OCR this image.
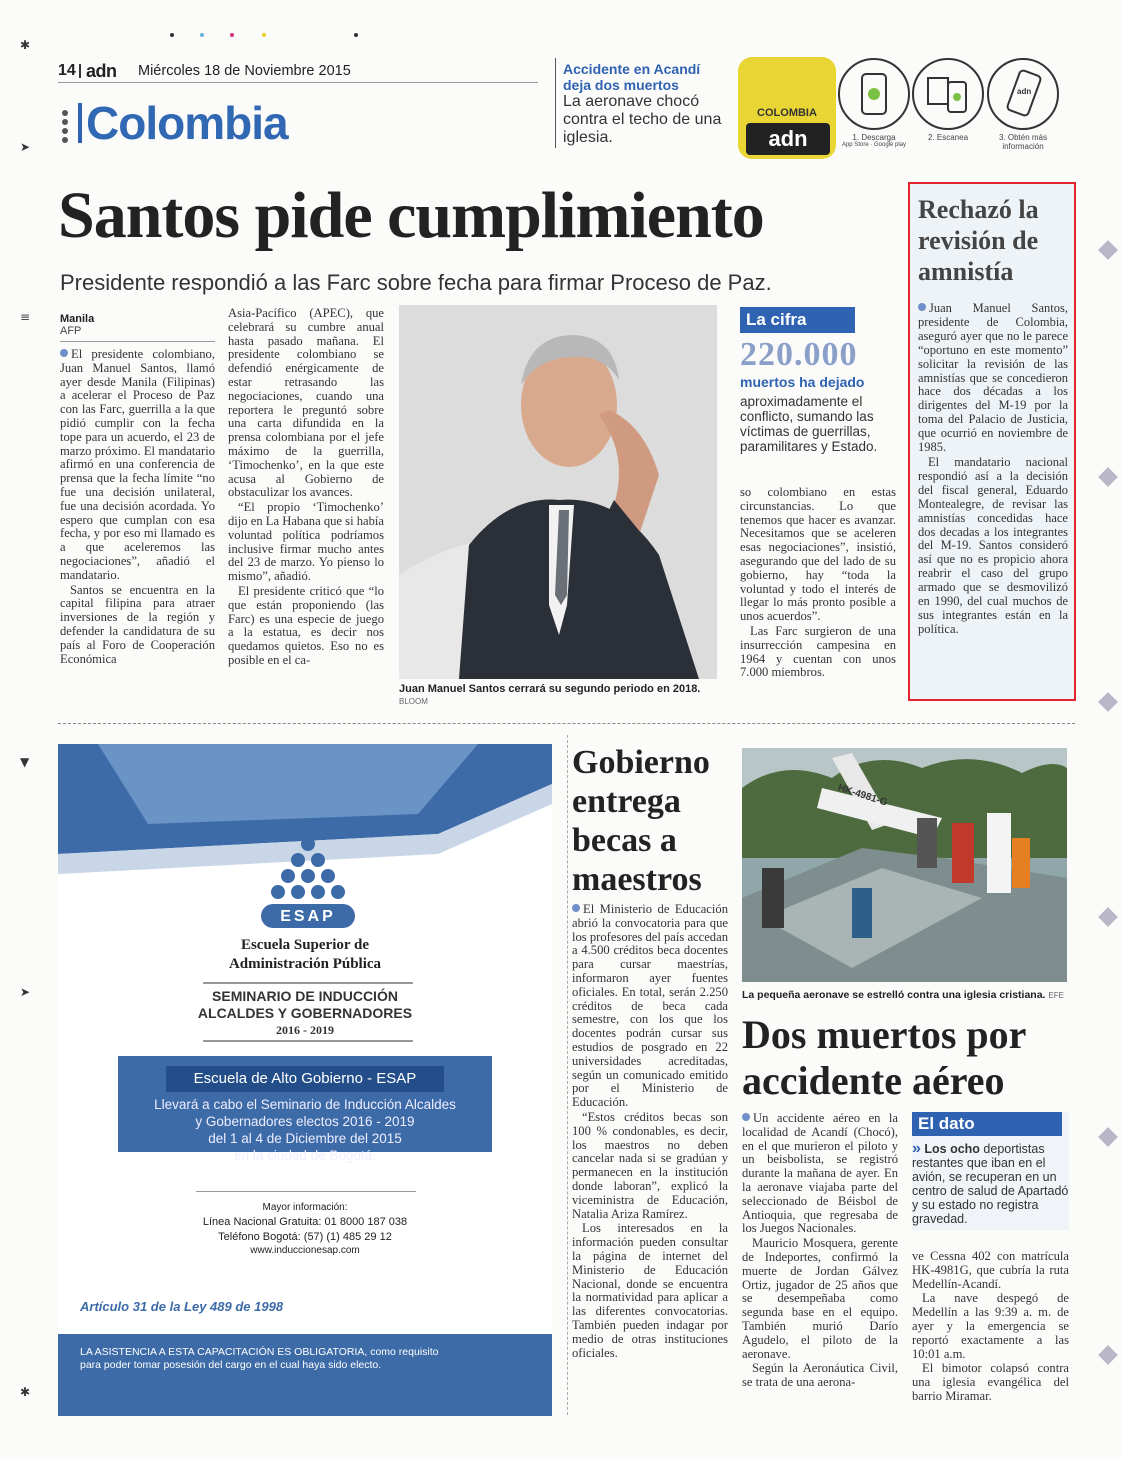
✱
➤
≡
▼
➤
✱
14 adn Miércoles 18 de Noviembre 2015
Colombia
Accidente en Acandí deja dos muertos
La aeronave chocó contra el techo de una iglesia.
COLOMBIA
adn
adn
1. Descarga
App Store · Google play
2. Escanea	3. Obtén más información
Santos pide cumplimiento
Presidente respondió a las Farc sobre fecha para firmar Proceso de Paz.
Manila
AFP

El presidente colombiano, Juan Manuel Santos, llamó ayer desde Manila (Filipinas) a acelerar el Proceso de Paz con las Farc, guerrilla a la que pidió cumplir con la fecha tope para un acuerdo, el 23 de marzo próximo. El mandatario afirmó en una conferencia de prensa que la fecha límite “no fue una decisión unilateral, fue una decisión acordada. Yo espero que cumplan con esa fecha, y por eso mi llamado es a que aceleremos las negociaciones”, añadió el mandatario.

Santos se encuentra en la capital filipina para atraer inversiones de la región y defender la candidatura de su país al Foro de Cooperación Económica

Asia-Pacífico (APEC), que celebrará su cumbre anual hasta pasado mañana. El presidente colombiano se defendió enérgicamente de estar retrasando las negociaciones, cuando una reportera le preguntó sobre una carta difundida en la prensa colombiana por el jefe máximo de la guerrilla, ‘Timochenko’, en la que este acusa al Gobierno de obstaculizar los avances.

“El propio ‘Timochenko’ dijo en La Habana que si había voluntad política podríamos inclusive firmar mucho antes del 23 de marzo. Yo pienso lo mismo”, añadió.

El presidente criticó que “lo que están proponiendo (las Farc) es una especie de juego a la estatua, es decir nos quedamos quietos. Eso no es posible en el ca-

Juan Manuel Santos cerrará su segundo periodo en 2018. BLOOM
La cifra
220.000
muertos ha dejado
aproximadamente el conflicto, sumando las víctimas de guerrillas, paramilitares y Estado.

so colombiano en estas circunstancias. Lo que tenemos que hacer es avanzar. Necesitamos que se aceleren esas negociaciones”, insistió, asegurando que del lado de su gobierno, hay “toda la voluntad y todo el interés de llegar lo más pronto posible a unos acuerdos”.

Las Farc surgieron de una insurrección campesina en 1964 y cuentan con unos 7.000 miembros.

Rechazó la revisión de amnistía

Juan Manuel Santos, presidente de Colombia, aseguró ayer que no le parece “oportuno en este momento” solicitar la revisión de las amnistías que se concedieron hace dos décadas a los dirigentes del M-19 por la toma del Palacio de Justicia, que ocurrió en noviembre de 1985.

El mandatario nacional respondió así a la decisión del fiscal general, Eduardo Montealegre, de revisar las amnistías concedidas hace dos decadas a los integrantes del M-19. Santos consideró así que no es propicio ahora reabrir el caso del grupo armado que se desmovilizó en 1990, del cual muchos de sus integrantes están en la política.

ESAP
Escuela Superior de
Administración Pública
SEMINARIO DE INDUCCIÓN
ALCALDES Y GOBERNADORES
2016 - 2019
Escuela de Alto Gobierno - ESAP
Llevará a cabo el Seminario de Inducción Alcaldes
y Gobernadores electos 2016 - 2019
del 1 al 4 de Diciembre del 2015
en la ciudad de Bogotá.
Mayor información:
Línea Nacional Gratuita: 01 8000 187 038
Teléfono Bogotá: (57) (1) 485 29 12
www.induccionesap.com
Artículo 31 de la Ley 489 de 1998
LA ASISTENCIA A ESTA CAPACITACIÓN ES OBLIGATORIA, como requisito para poder tomar posesión del cargo en el cual haya sido electo.
Gobierno entrega becas a maestros

El Ministerio de Educación abrió la convocatoria para que los profesores del país accedan a 4.500 créditos beca docentes para cursar maestrías, informaron ayer fuentes oficiales. En total, serán 2.250 créditos de beca cada semestre, con los que los docentes podrán cursar sus estudios de posgrado en 22 universidades acreditadas, según un comunicado emitido por el Ministerio de Educación.

“Estos créditos becas son 100 % condonables, es decir, los maestros no deben cancelar nada si se gradúan y permanecen en la institución donde laboran”, explicó la viceministra de Educación, Natalia Ariza Ramírez.

Los interesados en la información pueden consultar la página de internet del Ministerio de Educación Nacional, donde se encuentra la normatividad para aplicar a las diferentes convocatorias. También pueden indagar por medio de otras instituciones oficiales.

HK-4981-G
La pequeña aeronave se estrelló contra una iglesia cristiana. EFE
Dos muertos por accidente aéreo

Un accidente aéreo en la localidad de Acandí (Chocó), en el que murieron el piloto y un beisbolista, se registró durante la mañana de ayer. En la aeronave viajaba parte del seleccionado de Béisbol de Antioquia, que regresaba de los Juegos Nacionales.

Mauricio Mosquera, gerente de Indeportes, confirmó la muerte de Jordan Gálvez Ortiz, jugador de 25 años que se desempeñaba como segunda base en el equipo. También murió Darío Agudelo, el piloto de la aeronave.

Según la Aeronáutica Civil, se trata de una aerona-

El dato
» Los ocho deportistas restantes que iban en el avión, se recuperan en un centro de salud de Apartadó y su estado no registra gravedad.

ve Cessna 402 con matrícula HK-4981G, que cubría la ruta Medellín-Acandí.

La nave despegó de Medellín a las 9:39 a. m. de ayer y la emergencia se reportó exactamente a las 10:01 a.m.

El bimotor colapsó contra una iglesia evangélica del barrio Miramar.
